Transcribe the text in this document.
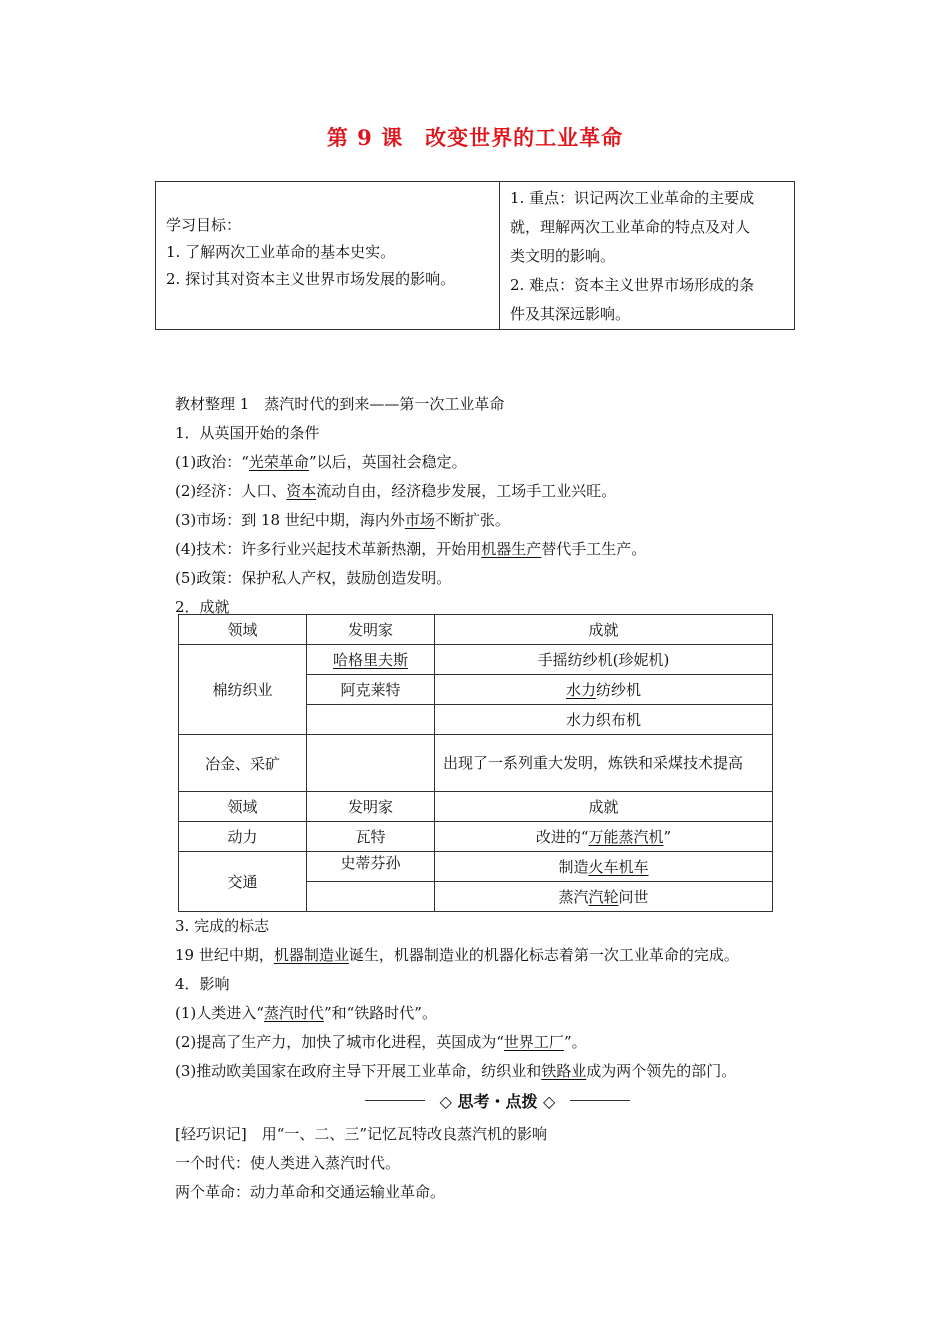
第 9 课　改变世界的工业革命
学习目标：
1. 了解两次工业革命的基本史实。
2. 探讨其对资本主义世界市场发展的影响。

1. 重点：识记两次工业革命的主要成
就，理解两次工业革命的特点及对人
类文明的影响。
2. 难点：资本主义世界市场形成的条
件及其深远影响。
教材整理 1　蒸汽时代的到来——第一次工业革命
1．从英国开始的条件
(1)政治：“光荣革命”以后，英国社会稳定。
(2)经济：人口、资本流动自由，经济稳步发展，工场手工业兴旺。
(3)市场：到 18 世纪中期，海内外市场不断扩张。
(4)技术：许多行业兴起技术革新热潮，开始用机器生产替代手工生产。
(5)政策：保护私人产权，鼓励创造发明。
2．成就
领域	发明家	成就
棉纺织业	哈格里夫斯	手摇纺纱机(珍妮机)
	阿克莱特	水力纺纱机
		水力织布机
冶金、采矿		出现了一系列重大发明，炼铁和采煤技术提高
领域	发明家	成就
动力	瓦特	改进的“万能蒸汽机”
交通	史蒂芬孙	制造火车机车
		蒸汽汽轮问世
3. 完成的标志
19 世纪中期，机器制造业诞生，机器制造业的机器化标志着第一次工业革命的完成。
4．影响
(1)人类进入“蒸汽时代”和“铁路时代”。
(2)提高了生产力，加快了城市化进程，英国成为“世界工厂”。
(3)推动欧美国家在政府主导下开展工业革命，纺织业和铁路业成为两个领先的部门。
◇ 思考・点拨 ◇
[轻巧识记]　用“一、二、三”记忆瓦特改良蒸汽机的影响
一个时代：使人类进入蒸汽时代。
两个革命：动力革命和交通运输业革命。
